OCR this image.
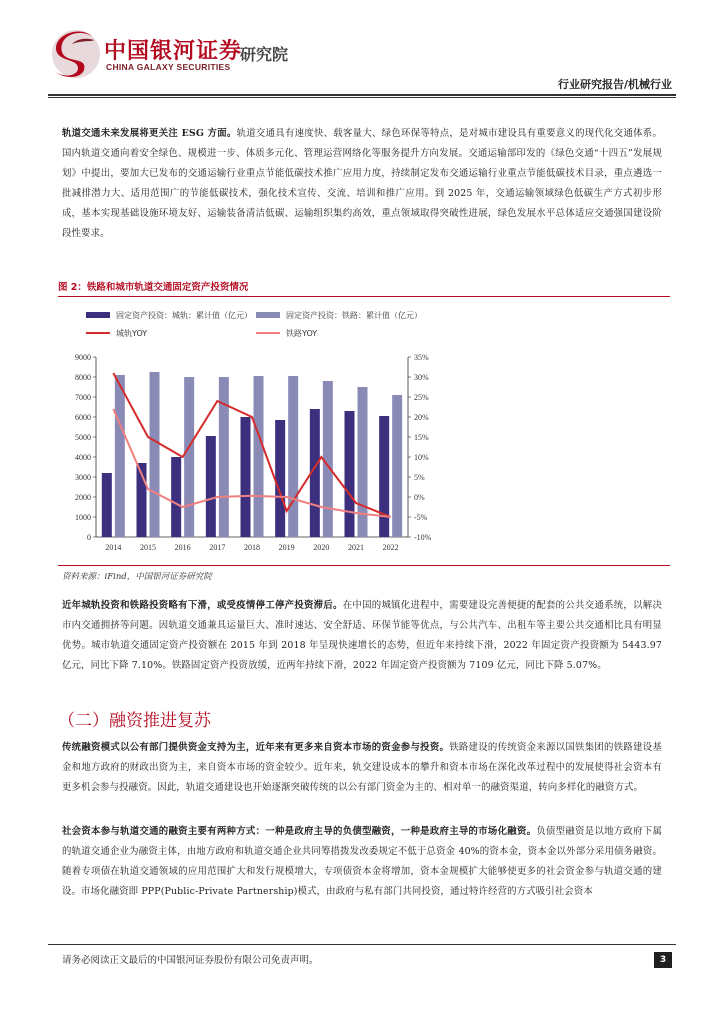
中国银河证券
CHINA GALAXY SECURITIES
研究院
行业研究报告/机械行业
轨道交通未来发展将更关注 ESG 方面。轨道交通具有速度快、载客量大、绿色环保等特点，是对城市建设具有重要意义的现代化交通体系。国内轨道交通向着安全绿色、规模进一步、体质多元化、管理运营网络化等服务提升方向发展。交通运输部印发的《绿色交通“十四五”发展规划》中提出，要加大已发布的交通运输行业重点节能低碳技术推广应用力度，持续制定发布交通运输行业重点节能低碳技术目录，重点遴选一批减排潜力大、适用范围广的节能低碳技术，强化技术宣传、交流、培训和推广应用。到 2025 年，交通运输领域绿色低碳生产方式初步形成，基本实现基础设施环境友好、运输装备清洁低碳、运输组织集约高效，重点领域取得突破性进展，绿色发展水平总体适应交通强国建设阶段性要求。
图 2：铁路和城市轨道交通固定资产投资情况
固定资产投资：城轨：累计值（亿元）	固定资产投资：铁路：累计值（亿元）
城轨YOY	铁路YOY
0
1000
2000
3000
4000
5000
6000
7000
8000
9000
-10%
-5%
0%
5%
10%
15%
20%
25%
30%
35%
2014 2015 2016 2017 2018 2019 2020 2021 2022
资料来源：iFind，中国银河证券研究院
近年城轨投资和铁路投资略有下滑，或受疫情停工停产投资滞后。在中国的城镇化进程中，需要建设完善便捷的配套的公共交通系统，以解决市内交通拥挤等问题。因轨道交通兼具运量巨大、准时速达、安全舒适、环保节能等优点，与公共汽车、出租车等主要公共交通相比具有明显优势。城市轨道交通固定资产投资额在 2015 年到 2018 年呈现快速增长的态势，但近年来持续下滑，2022 年固定资产投资额为 5443.97 亿元，同比下降 7.10%。铁路固定资产投资放缓，近两年持续下滑，2022 年固定资产投资额为 7109 亿元，同比下降 5.07%。
（二）融资推进复苏
传统融资模式以公有部门提供资金支持为主，近年来有更多来自资本市场的资金参与投资。铁路建设的传统资金来源以国铁集团的铁路建设基金和地方政府的财政出资为主，来自资本市场的资金较少。近年来，轨交建设成本的攀升和资本市场在深化改革过程中的发展使得社会资本有更多机会参与投融资。因此，轨道交通建设也开始逐渐突破传统的以公有部门资金为主的、相对单一的融资渠道，转向多样化的融资方式。
社会资本参与轨道交通的融资主要有两种方式：一种是政府主导的负债型融资，一种是政府主导的市场化融资。负债型融资是以地方政府下属的轨道交通企业为融资主体，由地方政府和轨道交通企业共同筹措拨发改委规定不低于总资金 40%的资本金，资本金以外部分采用债务融资。随着专项债在轨道交通领域的应用范围扩大和发行规模增大，专项债资本金将增加，资本金规模扩大能够使更多的社会资金参与轨道交通的建设。市场化融资即 PPP(Public-Private Partnership)模式，由政府与私有部门共同投资，通过特许经营的方式吸引社会资本
请务必阅读正文最后的中国银河证券股份有限公司免责声明。	3
